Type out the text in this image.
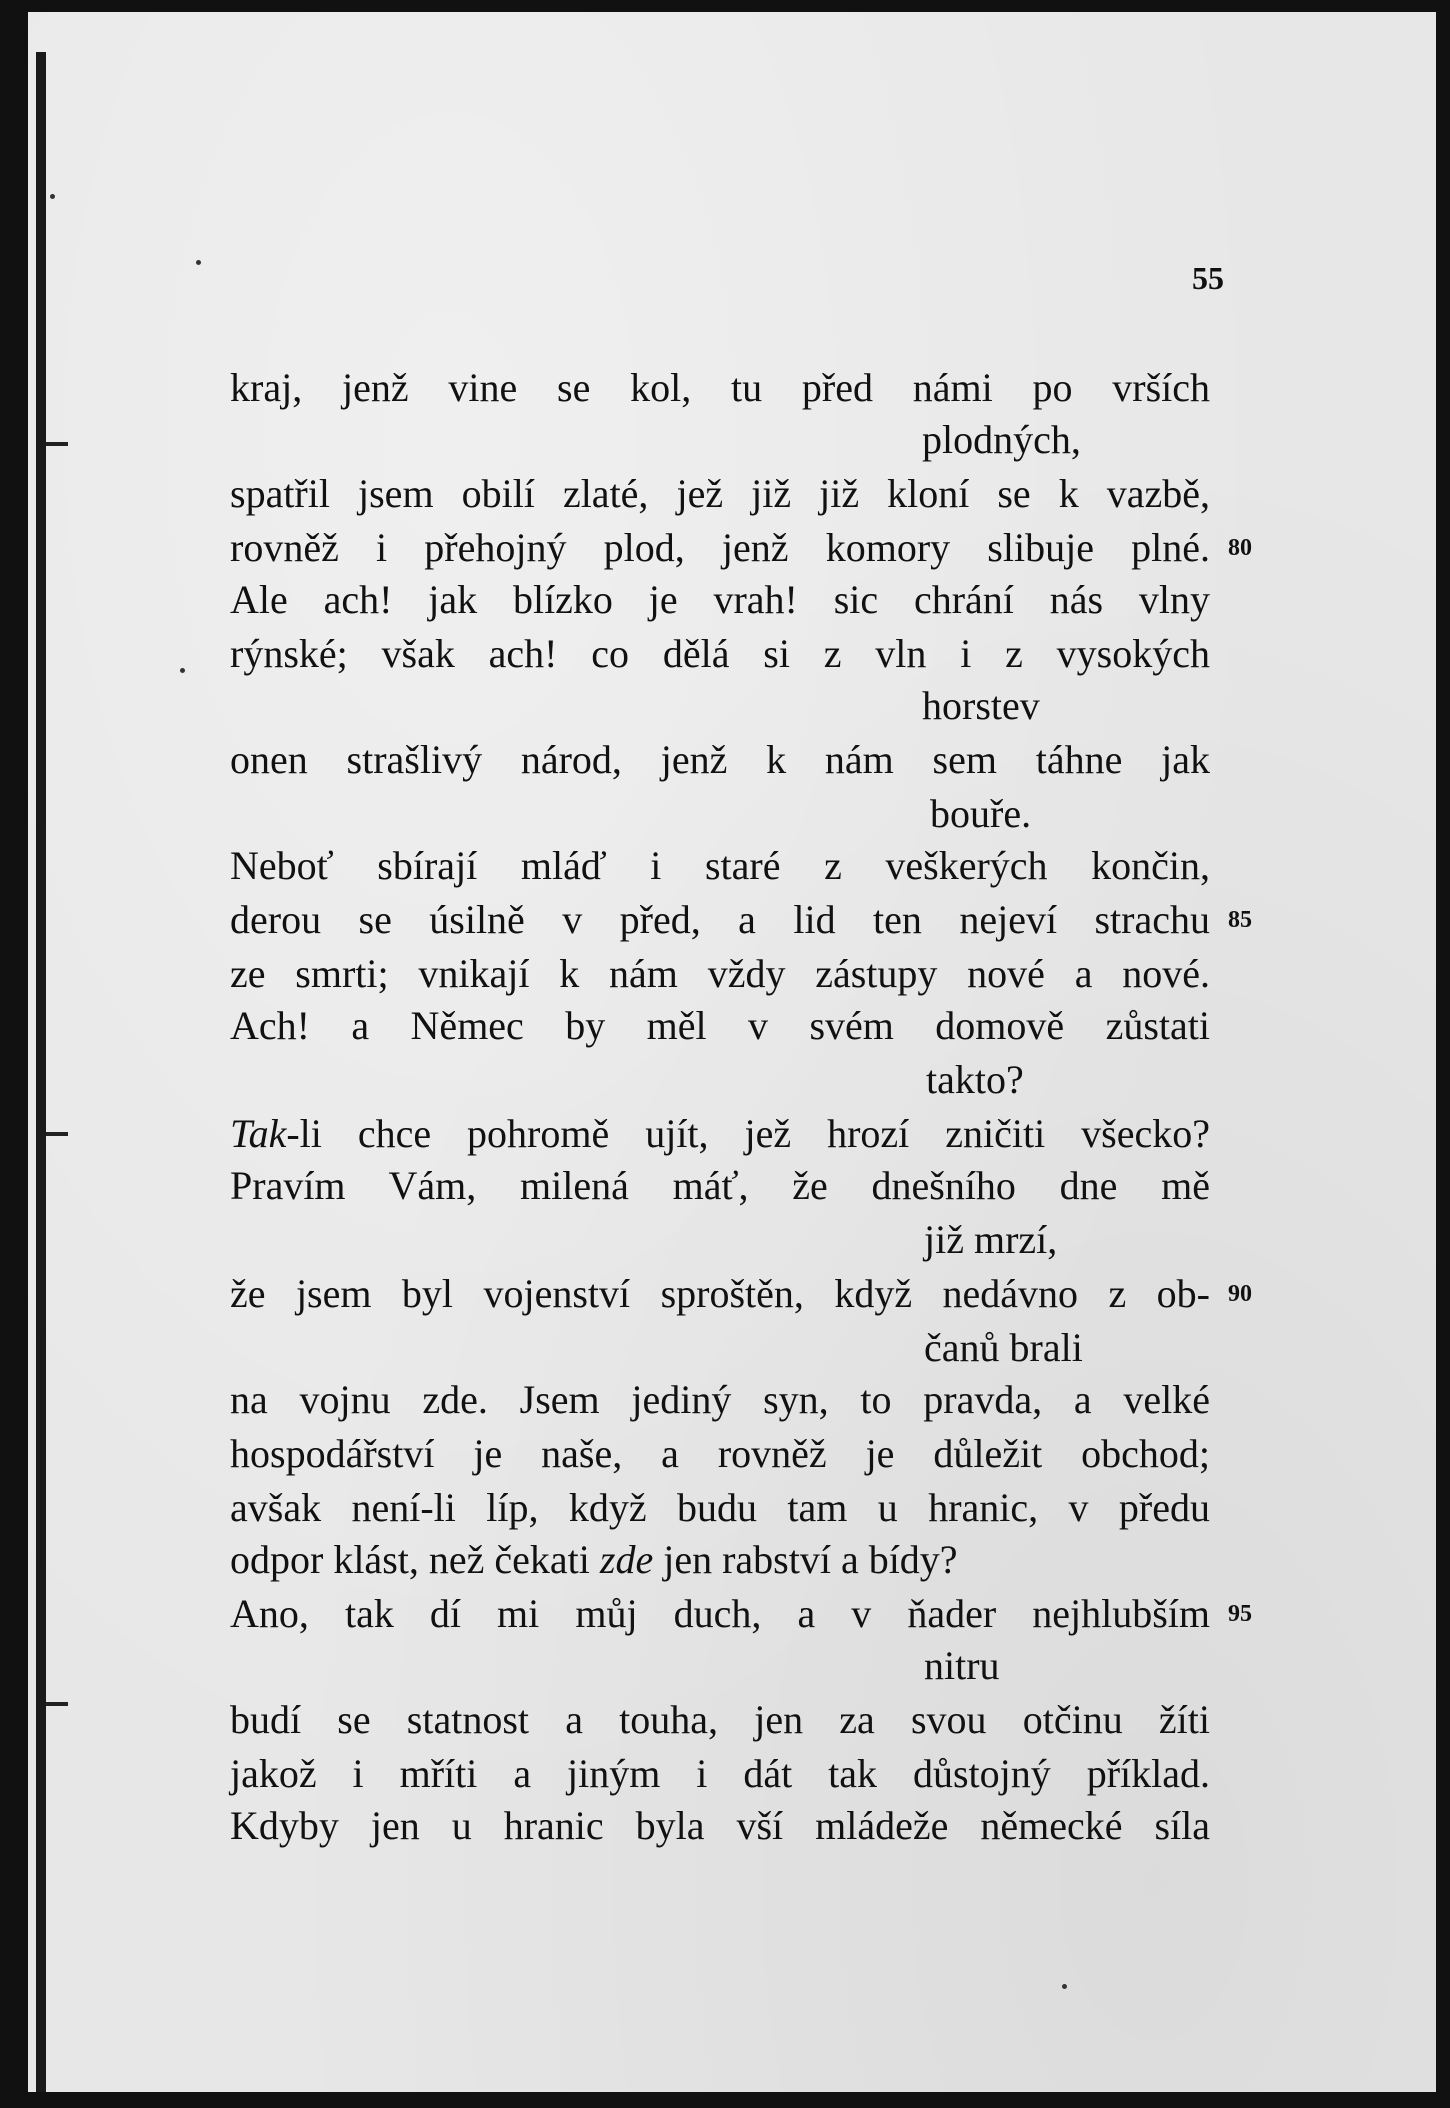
55
kraj, jenž vine se kol, tu před námi po vrších
plodných,
spatřil jsem obilí zlaté, jež již již kloní se k vazbě,
rovněž i přehojný plod, jenž komory slibuje plné. 80
Ale ach! jak blízko je vrah! sic chrání nás vlny
rýnské; však ach! co dělá si z vln i z vysokých
horstev
onen strašlivý národ, jenž k nám sem táhne jak
bouře.
Neboť sbírají mláď i staré z veškerých končin,
derou se úsilně v před, a lid ten nejeví strachu 85
ze smrti; vnikají k nám vždy zástupy nové a nové.
Ach! a Němec by měl v svém domově zůstati
takto?
Tak-li chce pohromě ujít, jež hrozí zničiti všecko?
Pravím Vám, milená máť, že dnešního dne mě
již mrzí,
že jsem byl vojenství sproštěn, když nedávno z ob- 90
čanů brali
na vojnu zde. Jsem jediný syn, to pravda, a velké
hospodářství je naše, a rovněž je důležit obchod;
avšak není-li líp, když budu tam u hranic, v předu
odpor klást, než čekati zde jen rabství a bídy?
Ano, tak dí mi můj duch, a v ňader nejhlubším 95
nitru
budí se statnost a touha, jen za svou otčinu žíti
jakož i mříti a jiným i dát tak důstojný příklad.
Kdyby jen u hranic byla vší mládeže německé síla
